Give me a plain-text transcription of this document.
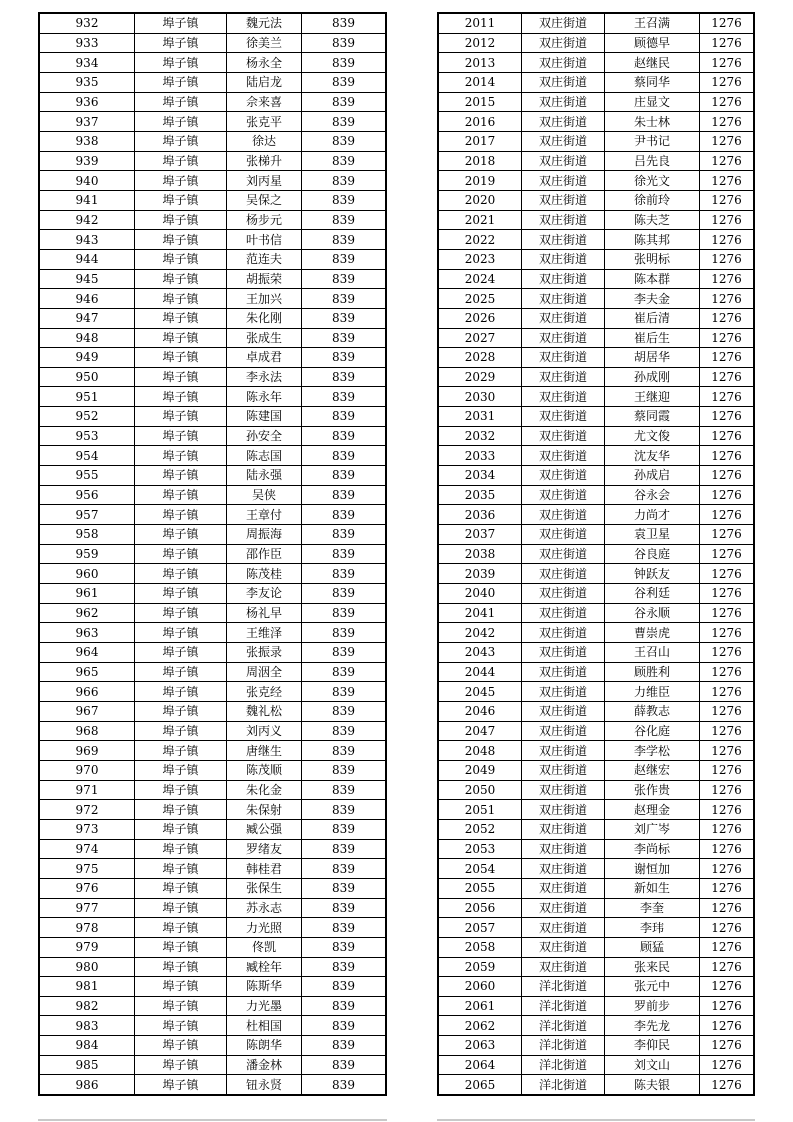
932	埠子镇	魏元法	839
933	埠子镇	徐美兰	839
934	埠子镇	杨永全	839
935	埠子镇	陆启龙	839
936	埠子镇	佘来喜	839
937	埠子镇	张克平	839
938	埠子镇	徐达	839
939	埠子镇	张梯升	839
940	埠子镇	刘丙星	839
941	埠子镇	吴保之	839
942	埠子镇	杨步元	839
943	埠子镇	叶书信	839
944	埠子镇	范连夫	839
945	埠子镇	胡振荣	839
946	埠子镇	王加兴	839
947	埠子镇	朱化刚	839
948	埠子镇	张成生	839
949	埠子镇	卓成君	839
950	埠子镇	李永法	839
951	埠子镇	陈永年	839
952	埠子镇	陈建国	839
953	埠子镇	孙安全	839
954	埠子镇	陈志国	839
955	埠子镇	陆永强	839
956	埠子镇	吴侠	839
957	埠子镇	王章付	839
958	埠子镇	周振海	839
959	埠子镇	邵作臣	839
960	埠子镇	陈茂桂	839
961	埠子镇	李友论	839
962	埠子镇	杨礼早	839
963	埠子镇	王维泽	839
964	埠子镇	张振录	839
965	埠子镇	周洇全	839
966	埠子镇	张克经	839
967	埠子镇	魏礼松	839
968	埠子镇	刘丙义	839
969	埠子镇	唐继生	839
970	埠子镇	陈茂顺	839
971	埠子镇	朱化金	839
972	埠子镇	朱保射	839
973	埠子镇	臧公强	839
974	埠子镇	罗绪友	839
975	埠子镇	韩桂君	839
976	埠子镇	张保生	839
977	埠子镇	苏永志	839
978	埠子镇	力光照	839
979	埠子镇	佟凯	839
980	埠子镇	臧栓年	839
981	埠子镇	陈斯华	839
982	埠子镇	力光墨	839
983	埠子镇	杜相国	839
984	埠子镇	陈朗华	839
985	埠子镇	潘金林	839
986	埠子镇	钮永贤	839
2011	双庄街道	王召满	1276
2012	双庄街道	顾德早	1276
2013	双庄街道	赵继民	1276
2014	双庄街道	蔡同华	1276
2015	双庄街道	庄显文	1276
2016	双庄街道	朱士林	1276
2017	双庄街道	尹书记	1276
2018	双庄街道	吕先良	1276
2019	双庄街道	徐光文	1276
2020	双庄街道	徐前玲	1276
2021	双庄街道	陈夫芝	1276
2022	双庄街道	陈其邦	1276
2023	双庄街道	张明标	1276
2024	双庄街道	陈本群	1276
2025	双庄街道	李夫金	1276
2026	双庄街道	崔后清	1276
2027	双庄街道	崔后生	1276
2028	双庄街道	胡居华	1276
2029	双庄街道	孙成刚	1276
2030	双庄街道	王继迎	1276
2031	双庄街道	蔡同霞	1276
2032	双庄街道	尤文俊	1276
2033	双庄街道	沈友华	1276
2034	双庄街道	孙成启	1276
2035	双庄街道	谷永会	1276
2036	双庄街道	力尚才	1276
2037	双庄街道	袁卫星	1276
2038	双庄街道	谷良庭	1276
2039	双庄街道	钟跃友	1276
2040	双庄街道	谷利廷	1276
2041	双庄街道	谷永顺	1276
2042	双庄街道	曹崇虎	1276
2043	双庄街道	王召山	1276
2044	双庄街道	顾胜利	1276
2045	双庄街道	力维臣	1276
2046	双庄街道	薛教志	1276
2047	双庄街道	谷化庭	1276
2048	双庄街道	李学松	1276
2049	双庄街道	赵继宏	1276
2050	双庄街道	张作贵	1276
2051	双庄街道	赵理金	1276
2052	双庄街道	刘广岑	1276
2053	双庄街道	李尚标	1276
2054	双庄街道	谢恒加	1276
2055	双庄街道	新如生	1276
2056	双庄街道	李奎	1276
2057	双庄街道	李玮	1276
2058	双庄街道	顾猛	1276
2059	双庄街道	张来民	1276
2060	洋北街道	张元中	1276
2061	洋北街道	罗前步	1276
2062	洋北街道	李先龙	1276
2063	洋北街道	李仰民	1276
2064	洋北街道	刘文山	1276
2065	洋北街道	陈夫银	1276
